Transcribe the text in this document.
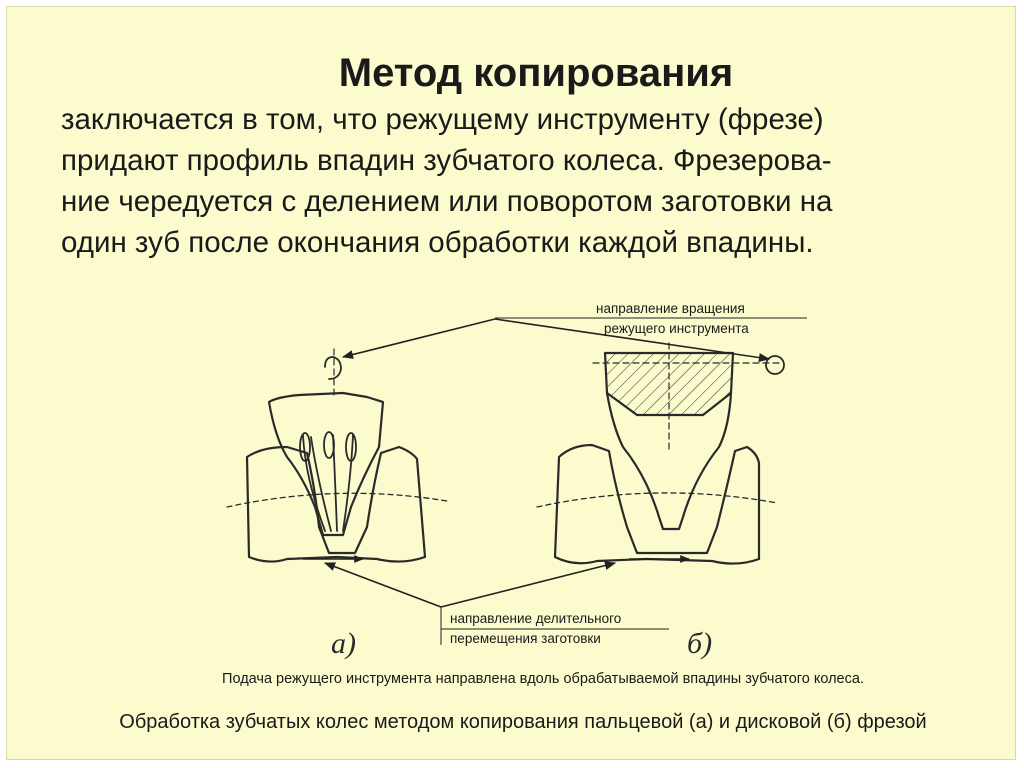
Метод копирования
заключается в том, что режущему инструменту (фрезе)
придают профиль впадин зубчатого колеса. Фрезерова-
ние чередуется с делением или поворотом заготовки на
один зуб после окончания обработки каждой впадины.
а)	б)
направление вращения
режущего инструмента
направление делительного
перемещения заготовки
Подача режущего инструмента направлена вдоль обрабатываемой впадины зубчатого колеса.
Обработка зубчатых колес методом копирования пальцевой (а) и дисковой (б) фрезой
